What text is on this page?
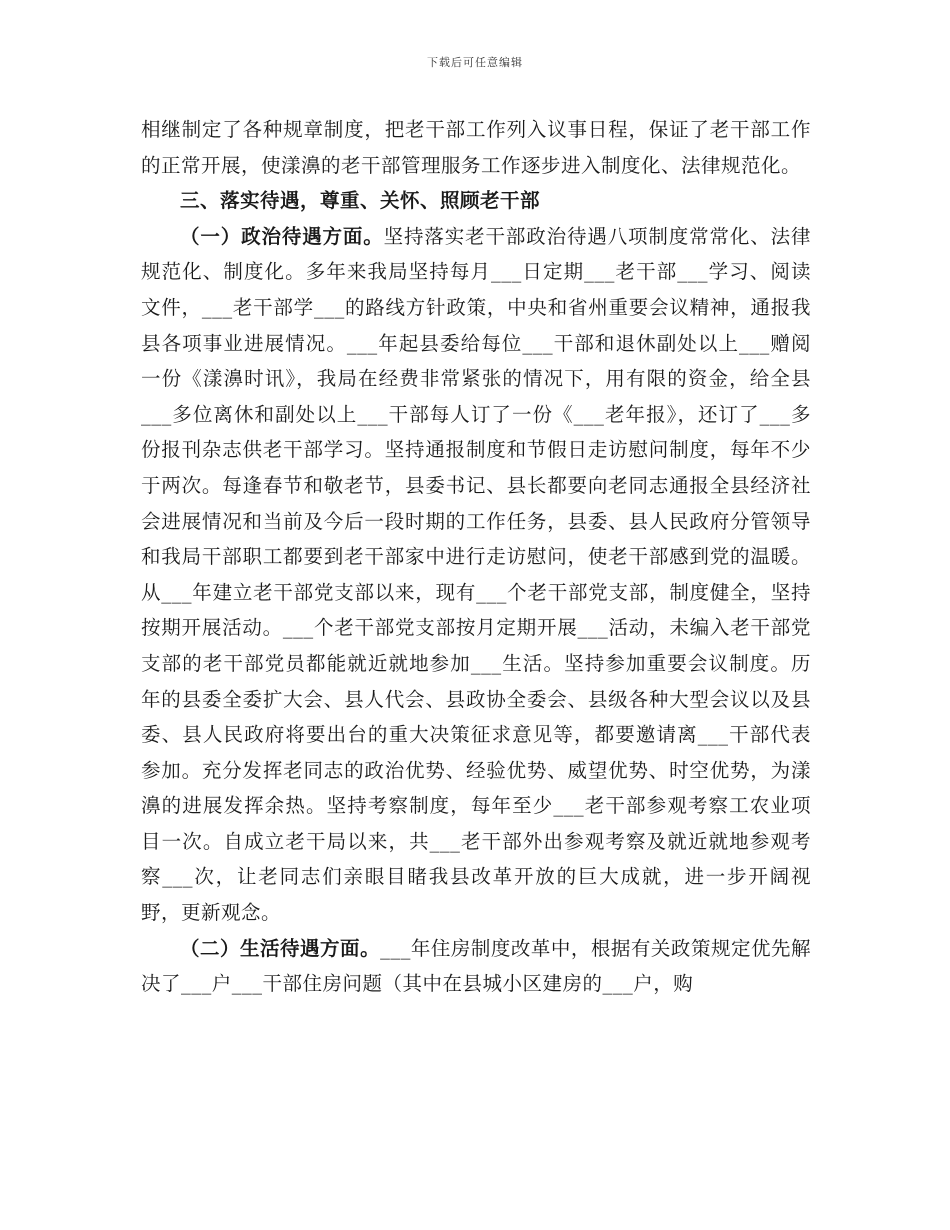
下载后可任意编辑

相继制定了各种规章制度，把老干部工作列入议事日程，保证了老干部工作的正常开展，使漾濞的老干部管理服务工作逐步进入制度化、法律规范化。

三、落实待遇，尊重、关怀、照顾老干部

（一）政治待遇方面。坚持落实老干部政治待遇八项制度常常化、法律规范化、制度化。多年来我局坚持每月___日定期___老干部___学习、阅读文件，___老干部学___的路线方针政策，中央和省州重要会议精神，通报我县各项事业进展情况。___年起县委给每位___干部和退休副处以上___赠阅一份《漾濞时讯》，我局在经费非常紧张的情况下，用有限的资金，给全县___多位离休和副处以上___干部每人订了一份《___老年报》，还订了___多份报刊杂志供老干部学习。坚持通报制度和节假日走访慰问制度，每年不少于两次。每逢春节和敬老节，县委书记、县长都要向老同志通报全县经济社会进展情况和当前及今后一段时期的工作任务，县委、县人民政府分管领导和我局干部职工都要到老干部家中进行走访慰问，使老干部感到党的温暖。从___年建立老干部党支部以来，现有___个老干部党支部，制度健全，坚持按期开展活动。___个老干部党支部按月定期开展___活动，未编入老干部党支部的老干部党员都能就近就地参加___生活。坚持参加重要会议制度。历年的县委全委扩大会、县人代会、县政协全委会、县级各种大型会议以及县委、县人民政府将要出台的重大决策征求意见等，都要邀请离___干部代表参加。充分发挥老同志的政治优势、经验优势、威望优势、时空优势，为漾濞的进展发挥余热。坚持考察制度，每年至少___老干部参观考察工农业项目一次。自成立老干局以来，共___老干部外出参观考察及就近就地参观考察___次，让老同志们亲眼目睹我县改革开放的巨大成就，进一步开阔视野，更新观念。

（二）生活待遇方面。___年住房制度改革中，根据有关政策规定优先解决了___户___干部住房问题（其中在县城小区建房的___户，购
